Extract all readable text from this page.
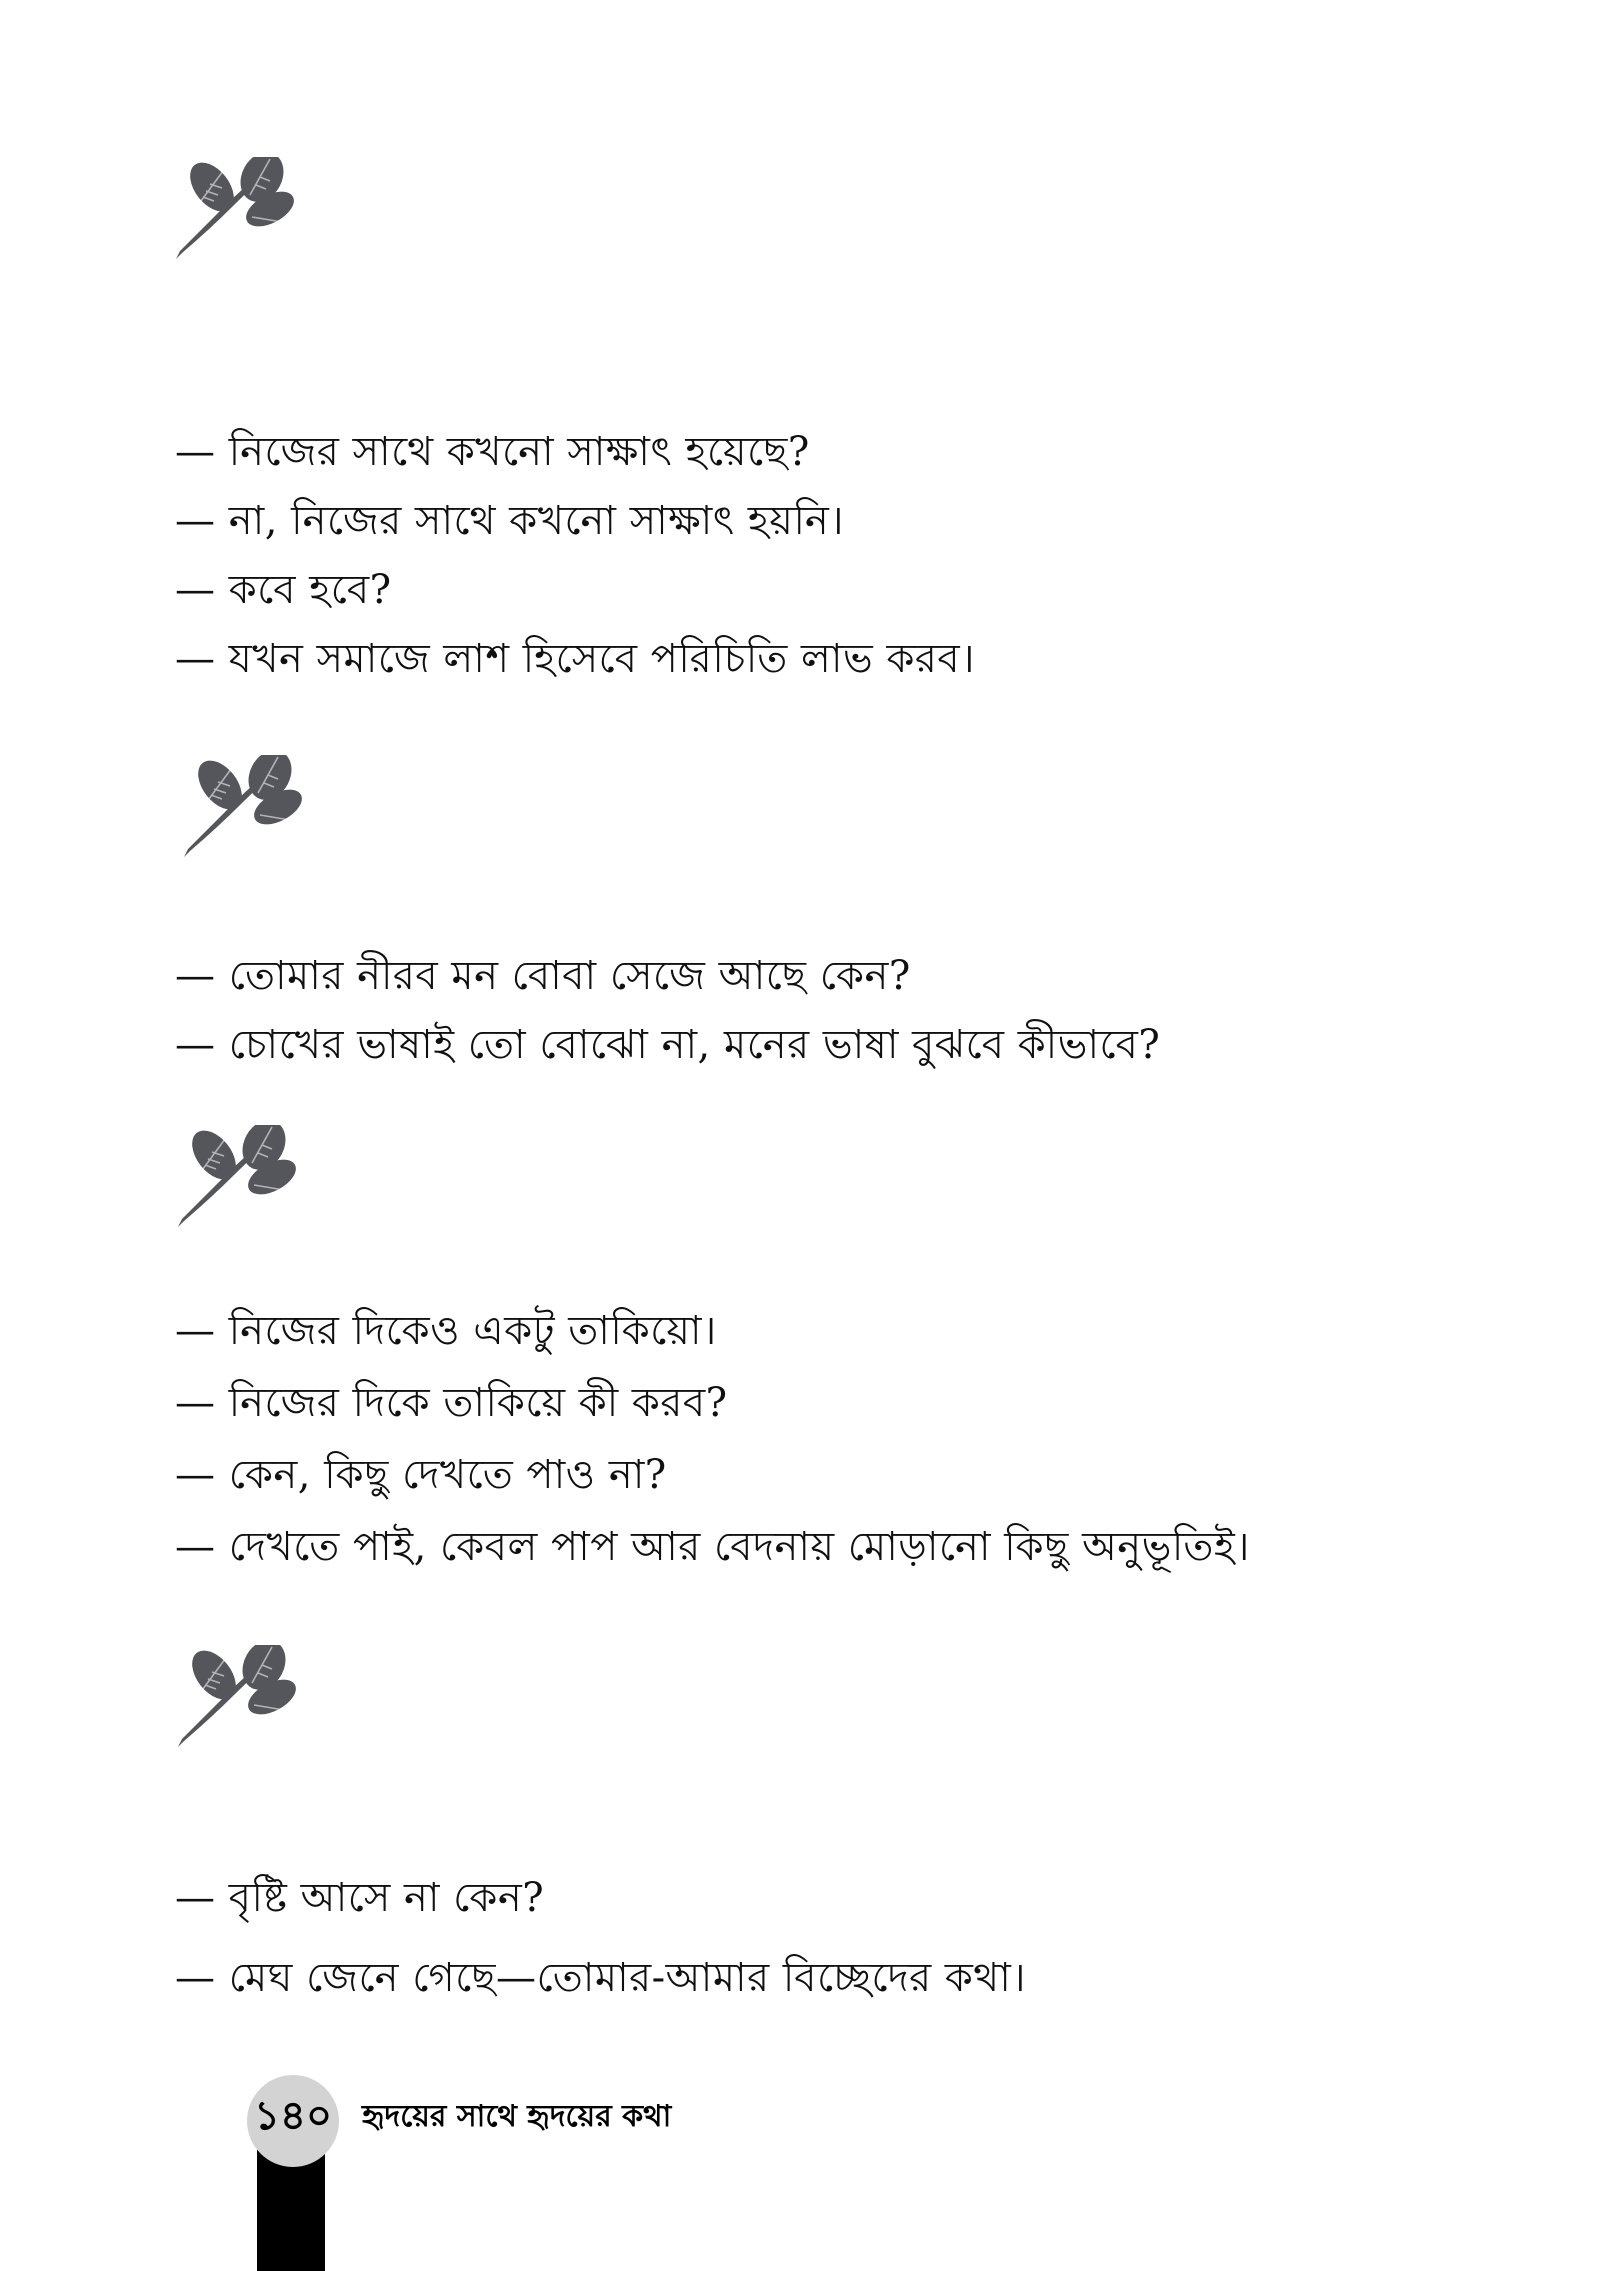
— নিজের সাথে কখনো সাক্ষাৎ হয়েছে?
— না, নিজের সাথে কখনো সাক্ষাৎ হয়নি।
— কবে হবে?
— যখন সমাজে লাশ হিসেবে পরিচিতি লাভ করব।
— তোমার নীরব মন বোবা সেজে আছে কেন?
— চোখের ভাষাই তো বোঝো না, মনের ভাষা বুঝবে কীভাবে?
— নিজের দিকেও একটু তাকিয়ো।
— নিজের দিকে তাকিয়ে কী করব?
— কেন, কিছু দেখতে পাও না?
— দেখতে পাই, কেবল পাপ আর বেদনায় মোড়ানো কিছু অনুভূতিই।
— বৃষ্টি আসে না কেন?
— মেঘ জেনে গেছে—তোমার-আমার বিচ্ছেদের কথা।
১৪০ হৃদয়ের সাথে হৃদয়ের কথা
